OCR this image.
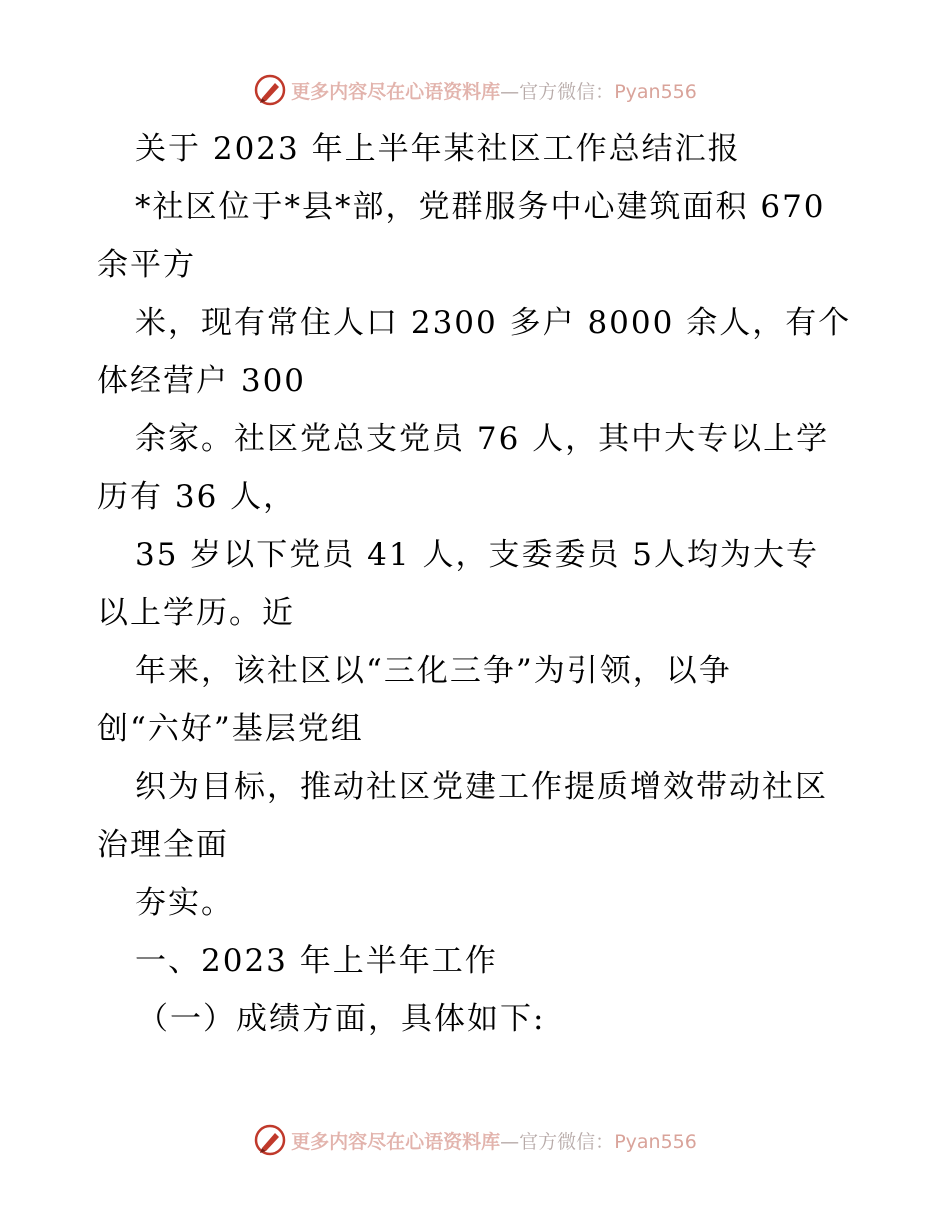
更多内容尽在心语资料库—官方微信：Pyan556
关于 2023 年上半年某社区工作总结汇报
*社区位于*县*部，党群服务中心建筑面积 670
余平方
米，现有常住人口 2300 多户 8000 余人，有个
体经营户 300
余家。社区党总支党员 76 人，其中大专以上学
历有 36 人，
35 岁以下党员 41 人，支委委员 5人均为大专
以上学历。近
年来，该社区以“三化三争”为引领，以争
创“六好”基层党组
织为目标，推动社区党建工作提质增效带动社区
治理全面
夯实。
一、2023 年上半年工作
（一）成绩方面，具体如下:
更多内容尽在心语资料库—官方微信：Pyan556
